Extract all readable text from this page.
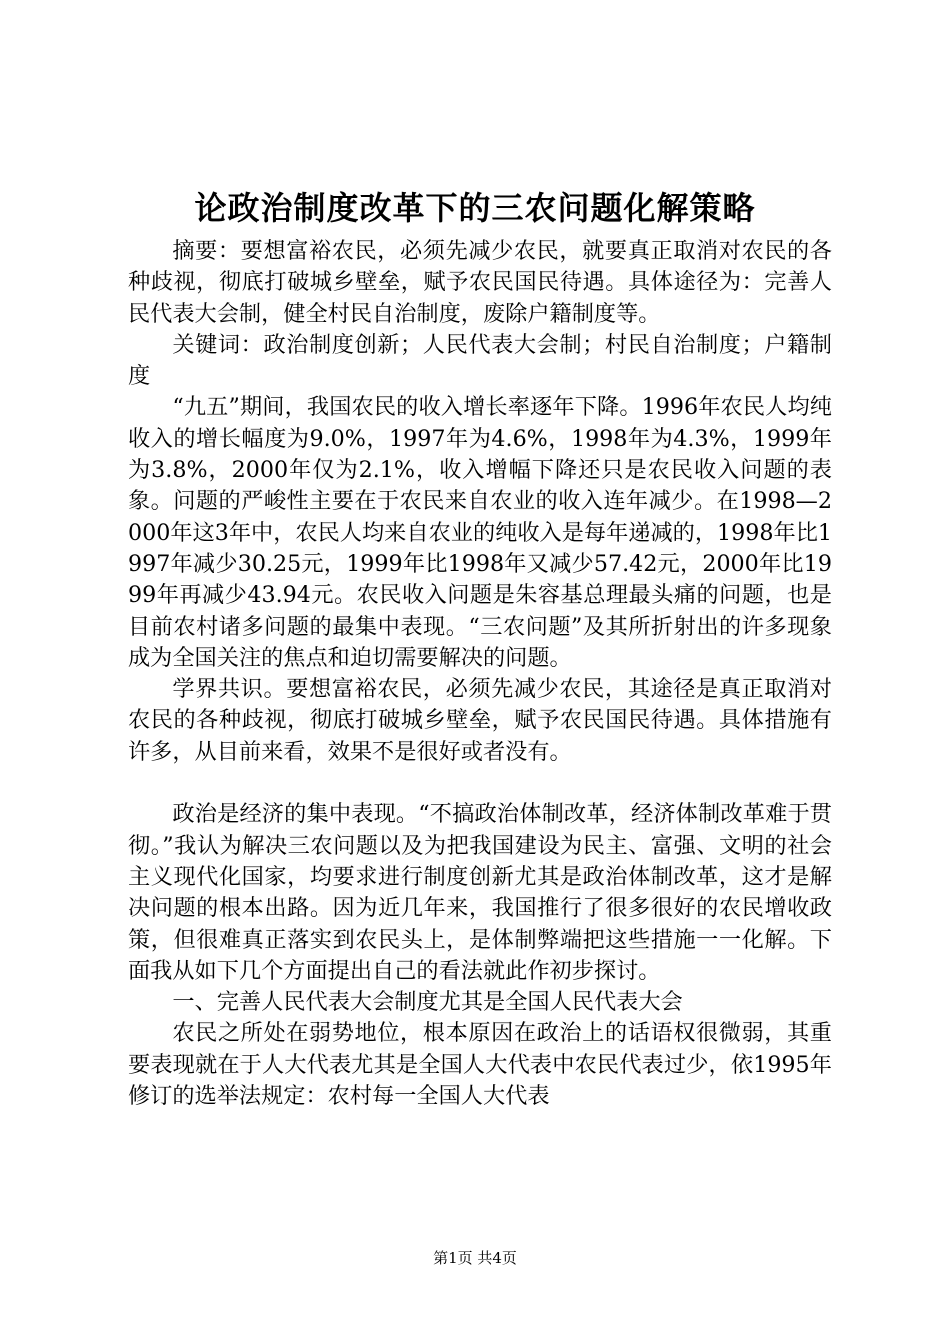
论政治制度改革下的三农问题化解策略

摘要：要想富裕农民，必须先减少农民，就要真正取消对农民的各种歧视，彻底打破城乡壁垒，赋予农民国民待遇。具体途径为：完善人民代表大会制，健全村民自治制度，废除户籍制度等。

关键词：政治制度创新；人民代表大会制；村民自治制度；户籍制度

“九五”期间，我国农民的收入增长率逐年下降。1996年农民人均纯收入的增长幅度为9.0%，1997年为4.6%，1998年为4.3%，1999年为3.8%，2000年仅为2.1%，收入增幅下降还只是农民收入问题的表象。问题的严峻性主要在于农民来自农业的收入连年减少。在1998—2000年这3年中，农民人均来自农业的纯收入是每年递减的，1998年比1997年减少30.25元，1999年比1998年又减少57.42元，2000年比1999年再减少43.94元。农民收入问题是朱容基总理最头痛的问题，也是目前农村诸多问题的最集中表现。“三农问题”及其所折射出的许多现象成为全国关注的焦点和迫切需要解决的问题。

学界共识。要想富裕农民，必须先减少农民，其途径是真正取消对农民的各种歧视，彻底打破城乡壁垒，赋予农民国民待遇。具体措施有许多，从目前来看，效果不是很好或者没有。

政治是经济的集中表现。“不搞政治体制改革，经济体制改革难于贯彻。”我认为解决三农问题以及为把我国建设为民主、富强、文明的社会主义现代化国家，均要求进行制度创新尤其是政治体制改革，这才是解决问题的根本出路。因为近几年来，我国推行了很多很好的农民增收政策，但很难真正落实到农民头上，是体制弊端把这些措施一一化解。下面我从如下几个方面提出自己的看法就此作初步探讨。

一、完善人民代表大会制度尤其是全国人民代表大会

农民之所处在弱势地位，根本原因在政治上的话语权很微弱，其重要表现就在于人大代表尤其是全国人大代表中农民代表过少，依1995年修订的选举法规定：农村每一全国人大代表

第1页 共4页
